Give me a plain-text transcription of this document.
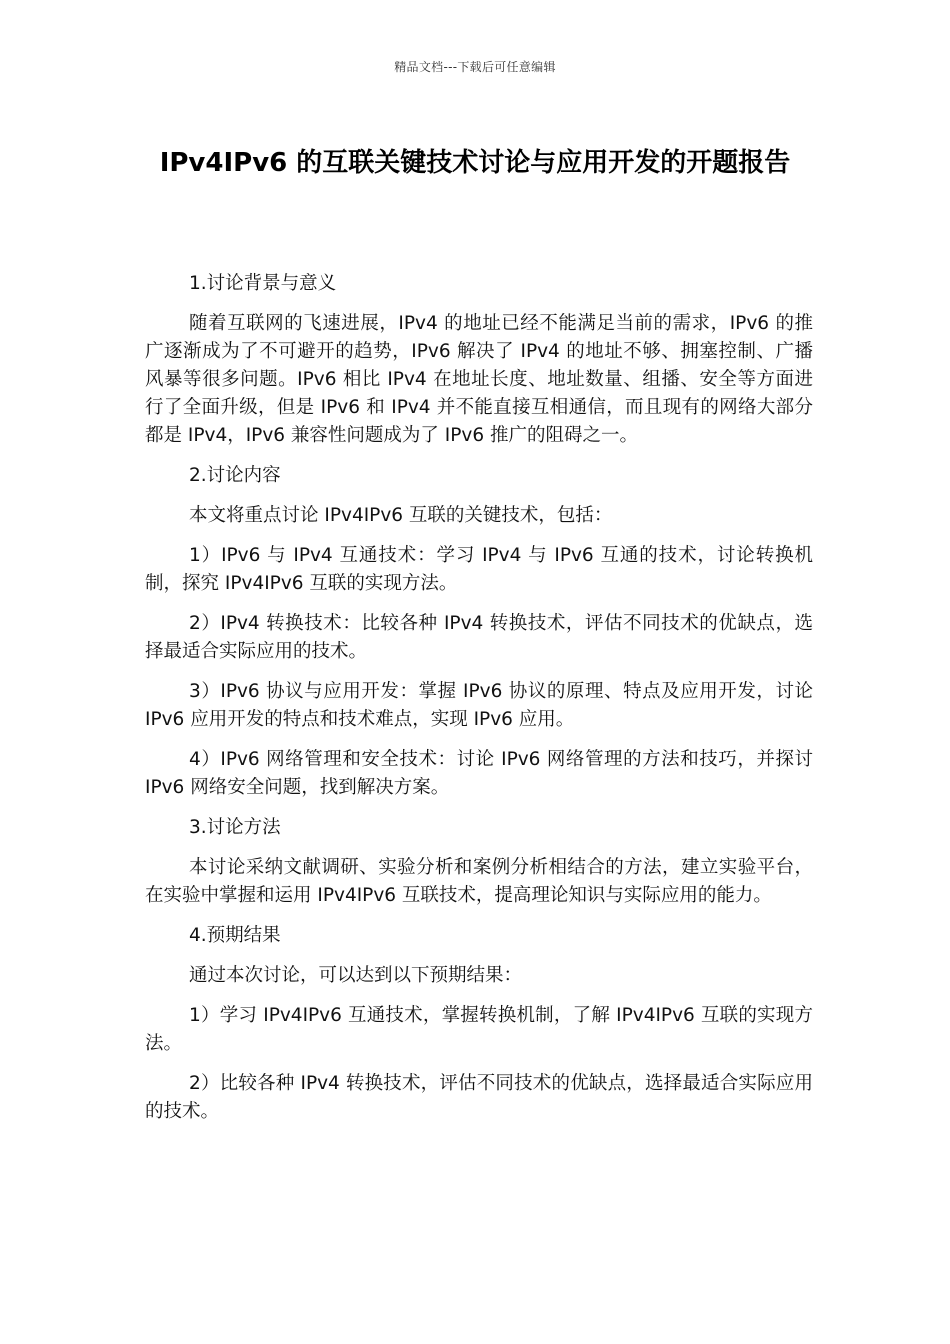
精品文档---下载后可任意编辑
IPv4IPv6 的互联关键技术讨论与应用开发的开题报告

1.讨论背景与意义

随着互联网的飞速进展，IPv4 的地址已经不能满足当前的需求，IPv6 的推广逐渐成为了不可避开的趋势，IPv6 解决了 IPv4 的地址不够、拥塞控制、广播风暴等很多问题。IPv6 相比 IPv4 在地址长度、地址数量、组播、安全等方面进行了全面升级，但是 IPv6 和 IPv4 并不能直接互相通信，而且现有的网络大部分都是 IPv4，IPv6 兼容性问题成为了 IPv6 推广的阻碍之一。

2.讨论内容

本文将重点讨论 IPv4IPv6 互联的关键技术，包括：

1）IPv6 与 IPv4 互通技术：学习 IPv4 与 IPv6 互通的技术，讨论转换机制，探究 IPv4IPv6 互联的实现方法。

2）IPv4 转换技术：比较各种 IPv4 转换技术，评估不同技术的优缺点，选择最适合实际应用的技术。

3）IPv6 协议与应用开发：掌握 IPv6 协议的原理、特点及应用开发，讨论 IPv6 应用开发的特点和技术难点，实现 IPv6 应用。

4）IPv6 网络管理和安全技术：讨论 IPv6 网络管理的方法和技巧，并探讨 IPv6 网络安全问题，找到解决方案。

3.讨论方法

本讨论采纳文献调研、实验分析和案例分析相结合的方法，建立实验平台，在实验中掌握和运用 IPv4IPv6 互联技术，提高理论知识与实际应用的能力。

4.预期结果

通过本次讨论，可以达到以下预期结果：

1）学习 IPv4IPv6 互通技术，掌握转换机制，了解 IPv4IPv6 互联的实现方法。

2）比较各种 IPv4 转换技术，评估不同技术的优缺点，选择最适合实际应用的技术。
